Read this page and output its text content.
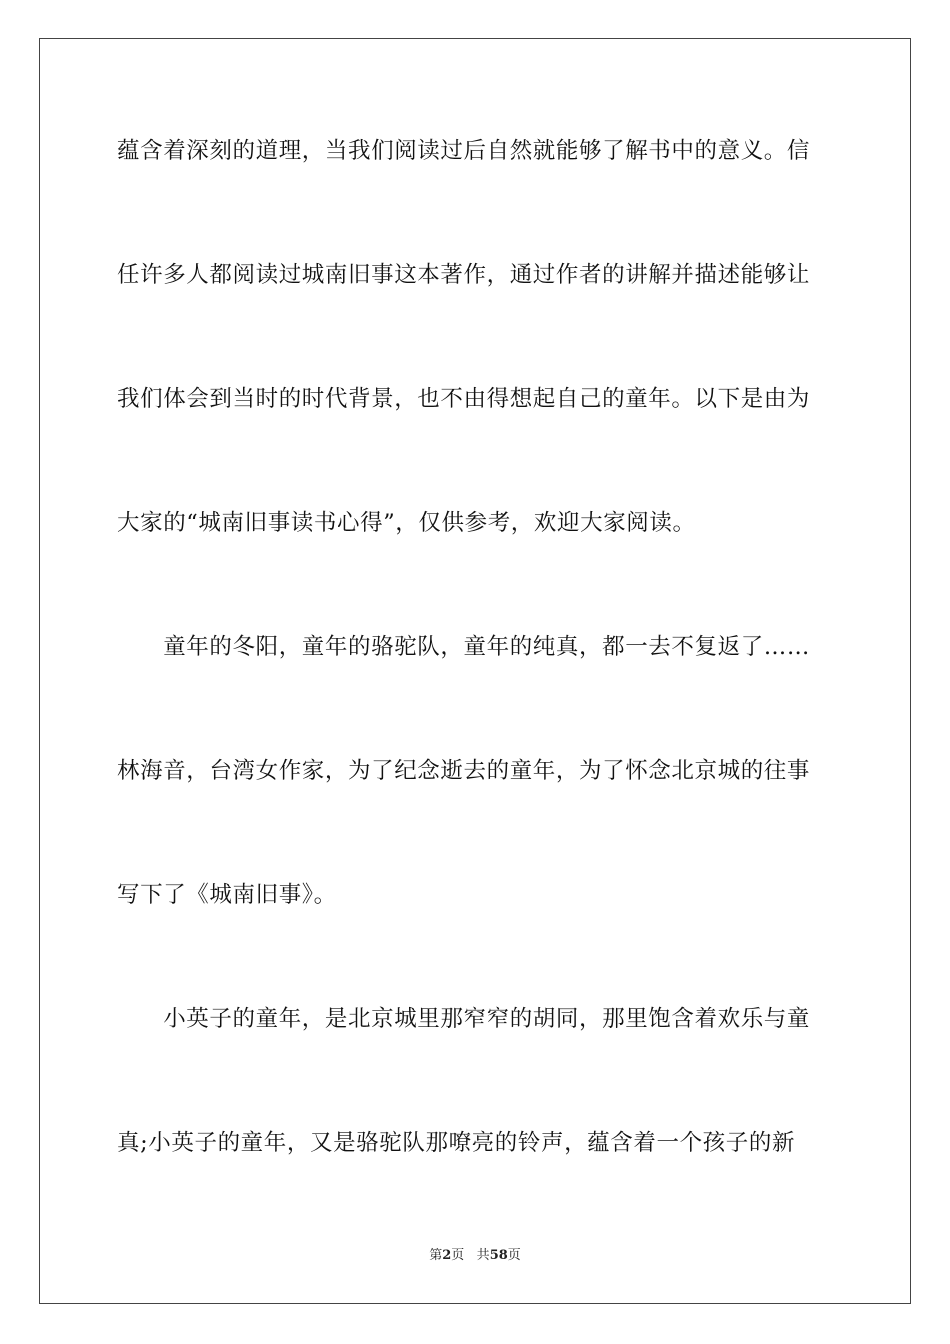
蕴含着深刻的道理，当我们阅读过后自然就能够了解书中的意义。信
任许多人都阅读过城南旧事这本著作，通过作者的讲解并描述能够让
我们体会到当时的时代背景，也不由得想起自己的童年。以下是由为
大家的“城南旧事读书心得”，仅供参考，欢迎大家阅读。
　　童年的冬阳，童年的骆驼队，童年的纯真，都一去不复返了……
林海音，台湾女作家，为了纪念逝去的童年，为了怀念北京城的往事
写下了《城南旧事》。
　　小英子的童年，是北京城里那窄窄的胡同，那里饱含着欢乐与童
真;小英子的童年，又是骆驼队那嘹亮的铃声，蕴含着一个孩子的新
第2页 共58页
